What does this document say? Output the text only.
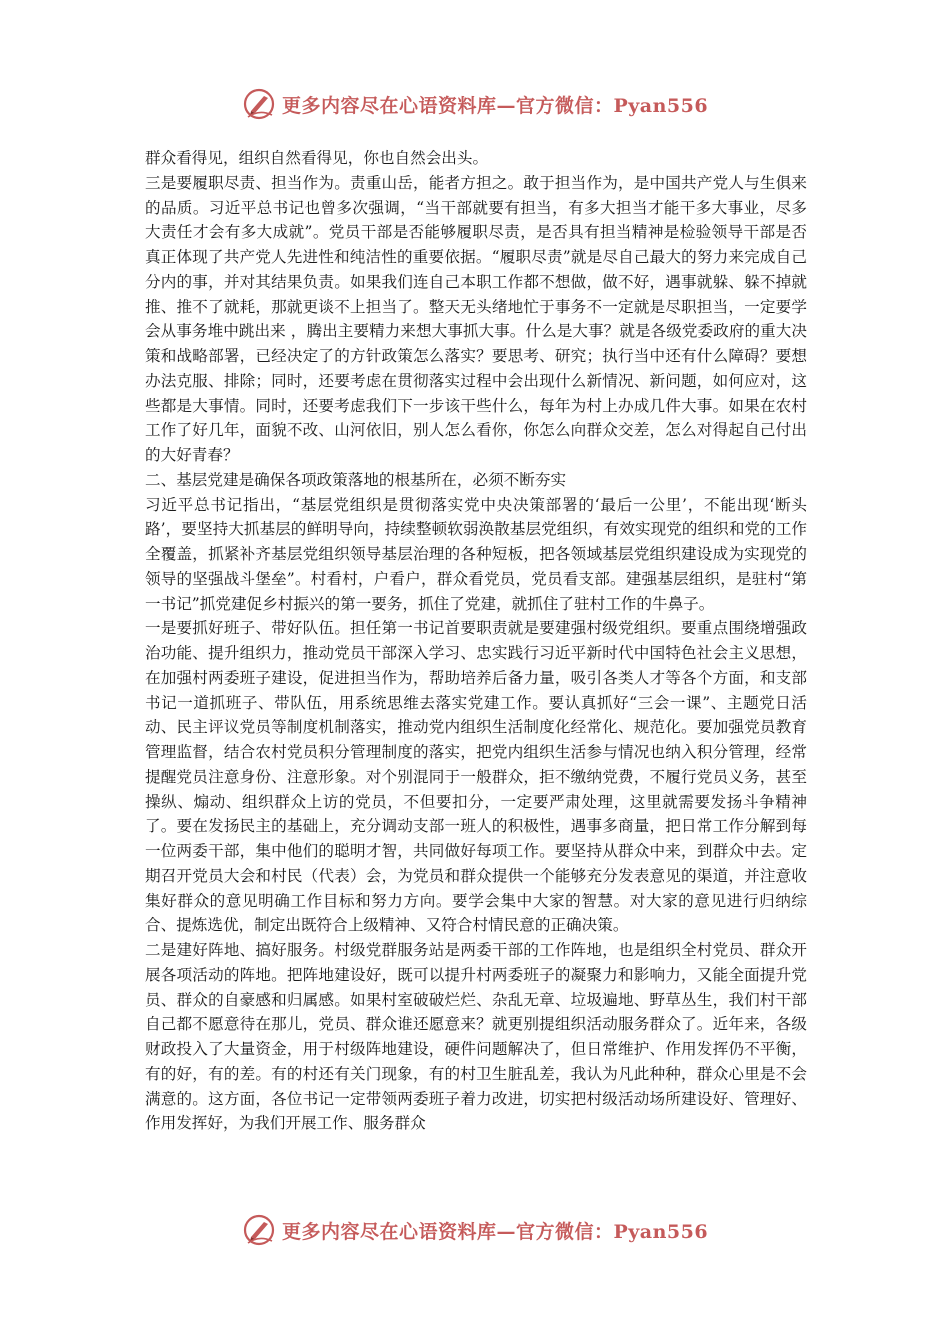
更多内容尽在心语资料库—官方微信：Pyan556

群众看得见，组织自然看得见，你也自然会出头。

三是要履职尽责、担当作为。责重山岳，能者方担之。敢于担当作为，是中国共产党人与生俱来的品质。习近平总书记也曾多次强调，“当干部就要有担当，有多大担当才能干多大事业，尽多大责任才会有多大成就”。党员干部是否能够履职尽责，是否具有担当精神是检验领导干部是否真正体现了共产党人先进性和纯洁性的重要依据。“履职尽责”就是尽自己最大的努力来完成自己分内的事，并对其结果负责。如果我们连自己本职工作都不想做，做不好，遇事就躲、躲不掉就推、推不了就耗，那就更谈不上担当了。整天无头绪地忙于事务不一定就是尽职担当，一定要学会从事务堆中跳出来 ，腾出主要精力来想大事抓大事。什么是大事？就是各级党委政府的重大决策和战略部署，已经决定了的方针政策怎么落实？要思考、研究；执行当中还有什么障碍？要想办法克服、排除；同时，还要考虑在贯彻落实过程中会出现什么新情况、新问题，如何应对，这些都是大事情。同时，还要考虑我们下一步该干些什么，每年为村上办成几件大事。如果在农村工作了好几年，面貌不改、山河依旧，别人怎么看你，你怎么向群众交差，怎么对得起自己付出的大好青春？

二、基层党建是确保各项政策落地的根基所在，必须不断夯实

习近平总书记指出，“基层党组织是贯彻落实党中央决策部署的‘最后一公里’，不能出现‘断头路’，要坚持大抓基层的鲜明导向，持续整顿软弱涣散基层党组织，有效实现党的组织和党的工作全覆盖，抓紧补齐基层党组织领导基层治理的各种短板，把各领域基层党组织建设成为实现党的领导的坚强战斗堡垒”。村看村，户看户，群众看党员，党员看支部。建强基层组织，是驻村“第一书记”抓党建促乡村振兴的第一要务，抓住了党建，就抓住了驻村工作的牛鼻子。

一是要抓好班子、带好队伍。担任第一书记首要职责就是要建强村级党组织。要重点围绕增强政治功能、提升组织力，推动党员干部深入学习、忠实践行习近平新时代中国特色社会主义思想，在加强村两委班子建设，促进担当作为，帮助培养后备力量，吸引各类人才等各个方面，和支部书记一道抓班子、带队伍，用系统思维去落实党建工作。要认真抓好“三会一课”、主题党日活动、民主评议党员等制度机制落实，推动党内组织生活制度化经常化、规范化。要加强党员教育管理监督，结合农村党员积分管理制度的落实，把党内组织生活参与情况也纳入积分管理，经常提醒党员注意身份、注意形象。对个别混同于一般群众，拒不缴纳党费，不履行党员义务，甚至操纵、煽动、组织群众上访的党员，不但要扣分，一定要严肃处理，这里就需要发扬斗争精神了。要在发扬民主的基础上，充分调动支部一班人的积极性，遇事多商量，把日常工作分解到每一位两委干部，集中他们的聪明才智，共同做好每项工作。要坚持从群众中来，到群众中去。定期召开党员大会和村民（代表）会，为党员和群众提供一个能够充分发表意见的渠道，并注意收集好群众的意见明确工作目标和努力方向。要学会集中大家的智慧。对大家的意见进行归纳综合、提炼选优，制定出既符合上级精神、又符合村情民意的正确决策。

二是建好阵地、搞好服务。村级党群服务站是两委干部的工作阵地，也是组织全村党员、群众开展各项活动的阵地。把阵地建设好，既可以提升村两委班子的凝聚力和影响力，又能全面提升党员、群众的自豪感和归属感。如果村室破破烂烂、杂乱无章、垃圾遍地、野草丛生，我们村干部自己都不愿意待在那儿，党员、群众谁还愿意来？就更别提组织活动服务群众了。近年来，各级财政投入了大量资金，用于村级阵地建设，硬件问题解决了，但日常维护、作用发挥仍不平衡，有的好，有的差。有的村还有关门现象，有的村卫生脏乱差，我认为凡此种种，群众心里是不会满意的。这方面，各位书记一定带领两委班子着力改进，切实把村级活动场所建设好、管理好、作用发挥好，为我们开展工作、服务群众

更多内容尽在心语资料库—官方微信：Pyan556
